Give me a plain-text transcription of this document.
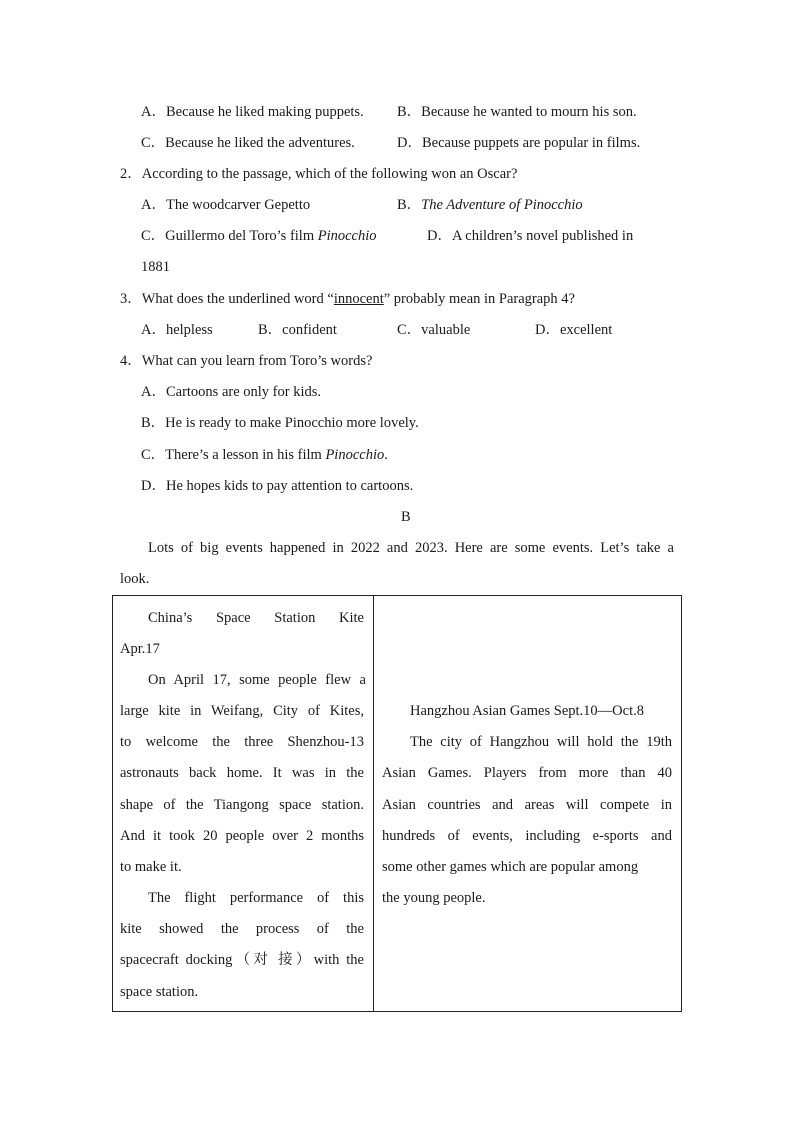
A．Because he liked making puppets. B．Because he wanted to mourn his son.
C．Because he liked the adventures.	D．Because puppets are popular in films.
2．According to the passage, which of the following won an Oscar?
A．The woodcarver Gepetto	B．The Adventure of Pinocchio
C．Guillermo del Toro’s film Pinocchio	D．A children’s novel published in
1881
3．What does the underlined word “innocent” probably mean in Paragraph 4?
A．helpless	B．confident	C．valuable	D．excellent
4．What can you learn from Toro’s words?
A．Cartoons are only for kids.
B．He is ready to make Pinocchio more lovely.
C．There’s a lesson in his film Pinocchio.
D．He hopes kids to pay attention to cartoons.
B
Lots of big events happened in 2022 and 2023. Here are some events. Let’s take a
look.
China’s Space Station Kite
Apr.17
On April 17, some people flew a
large kite in Weifang, City of Kites,
to welcome the three Shenzhou-13
astronauts back home. It was in the
shape of the Tiangong space station.
And it took 20 people over 2 months
to make it.
The flight performance of this
kite showed the process of the
spacecraft docking（对 接）with the
space station.
Hangzhou Asian Games Sept.10—Oct.8
The city of Hangzhou will hold the 19th
Asian Games. Players from more than 40
Asian countries and areas will compete in
hundreds of events, including e-sports and
some other games which are popular among
the young people.
